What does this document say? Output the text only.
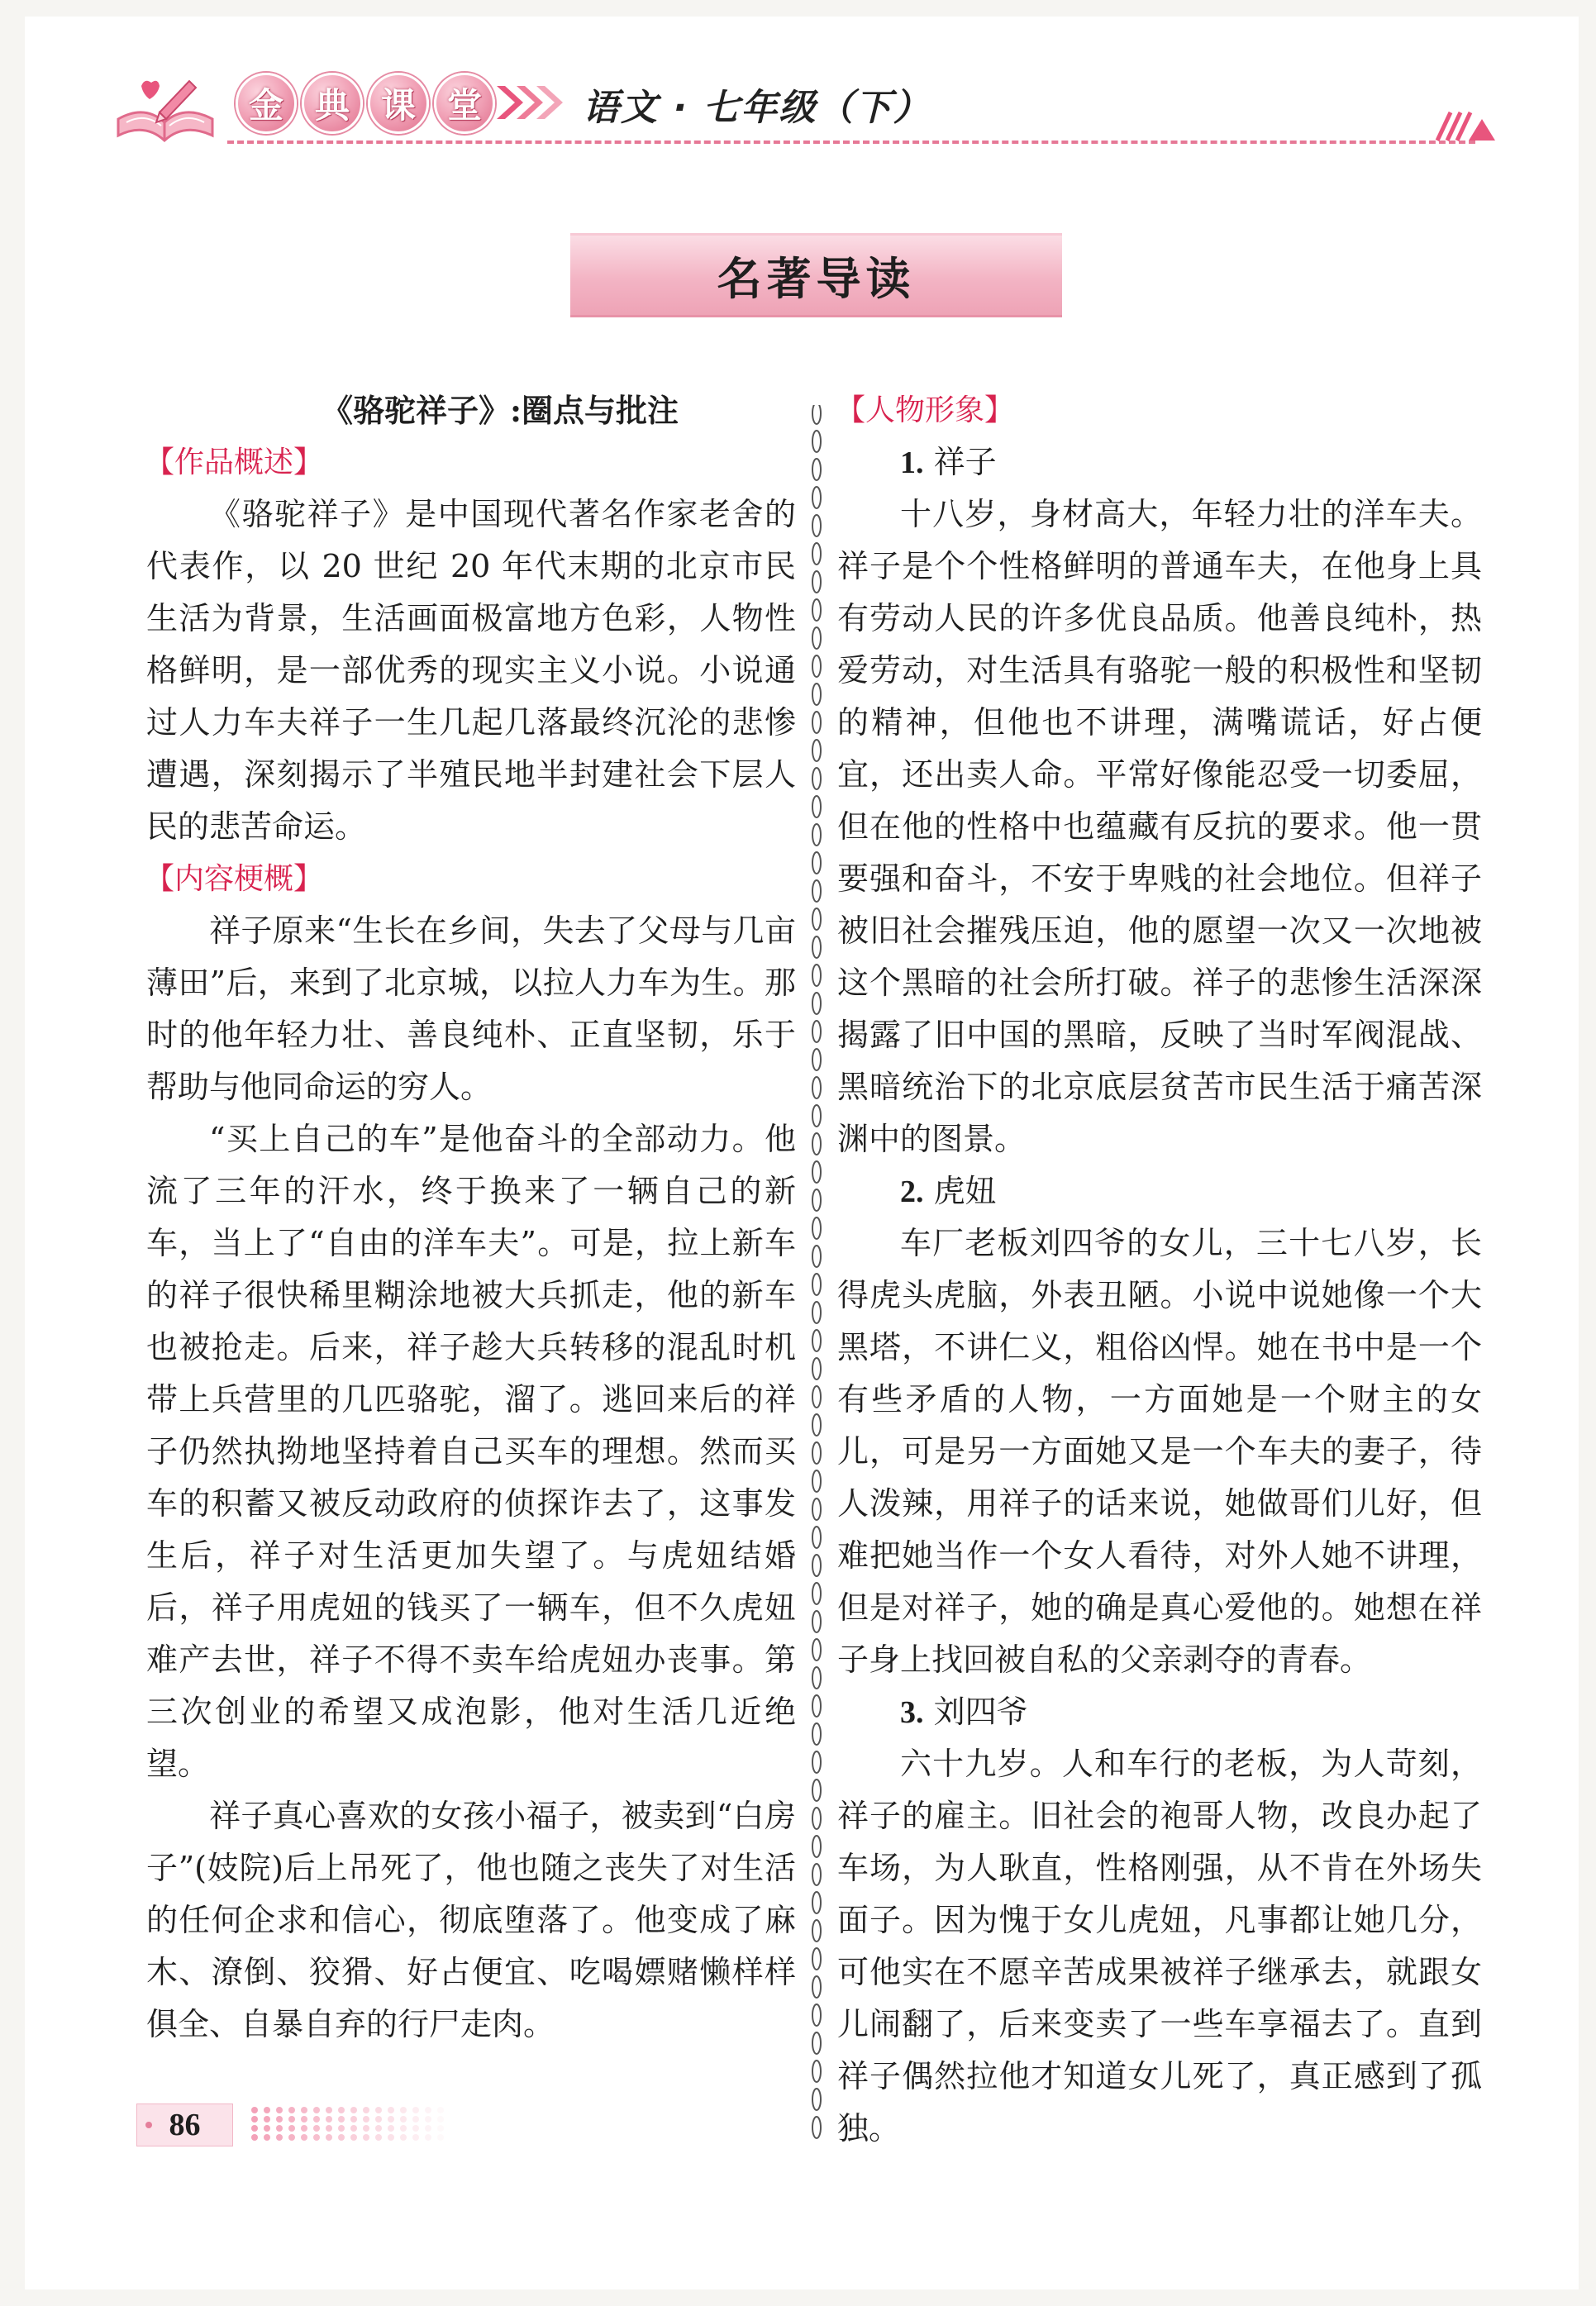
金 典 课 堂	语文 · 七年级（下）
名著导读
《骆驼祥子》:圈点与批注
【作品概述】

《骆驼祥子》是中国现代著名作家老舍的代表作，以 20 世纪 20 年代末期的北京市民生活为背景，生活画面极富地方色彩，人物性格鲜明，是一部优秀的现实主义小说。小说通过人力车夫祥子一生几起几落最终沉沦的悲惨遭遇，深刻揭示了半殖民地半封建社会下层人民的悲苦命运。

【内容梗概】

祥子原来“生长在乡间，失去了父母与几亩薄田”后，来到了北京城，以拉人力车为生。那时的他年轻力壮、善良纯朴、正直坚韧，乐于帮助与他同命运的穷人。

“买上自己的车”是他奋斗的全部动力。他流了三年的汗水，终于换来了一辆自己的新车，当上了“自由的洋车夫”。可是，拉上新车的祥子很快稀里糊涂地被大兵抓走，他的新车也被抢走。后来，祥子趁大兵转移的混乱时机带上兵营里的几匹骆驼，溜了。逃回来后的祥子仍然执拗地坚持着自己买车的理想。然而买车的积蓄又被反动政府的侦探诈去了，这事发生后，祥子对生活更加失望了。与虎妞结婚后，祥子用虎妞的钱买了一辆车，但不久虎妞难产去世，祥子不得不卖车给虎妞办丧事。第三次创业的希望又成泡影，他对生活几近绝望。

祥子真心喜欢的女孩小福子，被卖到“白房子”(妓院)后上吊死了，他也随之丧失了对生活的任何企求和信心，彻底堕落了。他变成了麻木、潦倒、狡猾、好占便宜、吃喝嫖赌懒样样俱全、自暴自弃的行尸走肉。

【人物形象】
1. 祥子

十八岁，身材高大，年轻力壮的洋车夫。祥子是个个性格鲜明的普通车夫，在他身上具有劳动人民的许多优良品质。他善良纯朴，热爱劳动，对生活具有骆驼一般的积极性和坚韧的精神，但他也不讲理，满嘴谎话，好占便宜，还出卖人命。平常好像能忍受一切委屈，但在他的性格中也蕴藏有反抗的要求。他一贯要强和奋斗，不安于卑贱的社会地位。但祥子被旧社会摧残压迫，他的愿望一次又一次地被这个黑暗的社会所打破。祥子的悲惨生活深深揭露了旧中国的黑暗，反映了当时军阀混战、黑暗统治下的北京底层贫苦市民生活于痛苦深渊中的图景。

2. 虎妞

车厂老板刘四爷的女儿，三十七八岁，长得虎头虎脑，外表丑陋。小说中说她像一个大黑塔，不讲仁义，粗俗凶悍。她在书中是一个有些矛盾的人物，一方面她是一个财主的女儿，可是另一方面她又是一个车夫的妻子，待人泼辣，用祥子的话来说，她做哥们儿好，但难把她当作一个女人看待，对外人她不讲理，但是对祥子，她的确是真心爱他的。她想在祥子身上找回被自私的父亲剥夺的青春。

3. 刘四爷

六十九岁。人和车行的老板，为人苛刻，祥子的雇主。旧社会的袍哥人物，改良办起了车场，为人耿直，性格刚强，从不肯在外场失面子。因为愧于女儿虎妞，凡事都让她几分，可他实在不愿辛苦成果被祥子继承去，就跟女儿闹翻了，后来变卖了一些车享福去了。直到祥子偶然拉他才知道女儿死了，真正感到了孤独。

86
